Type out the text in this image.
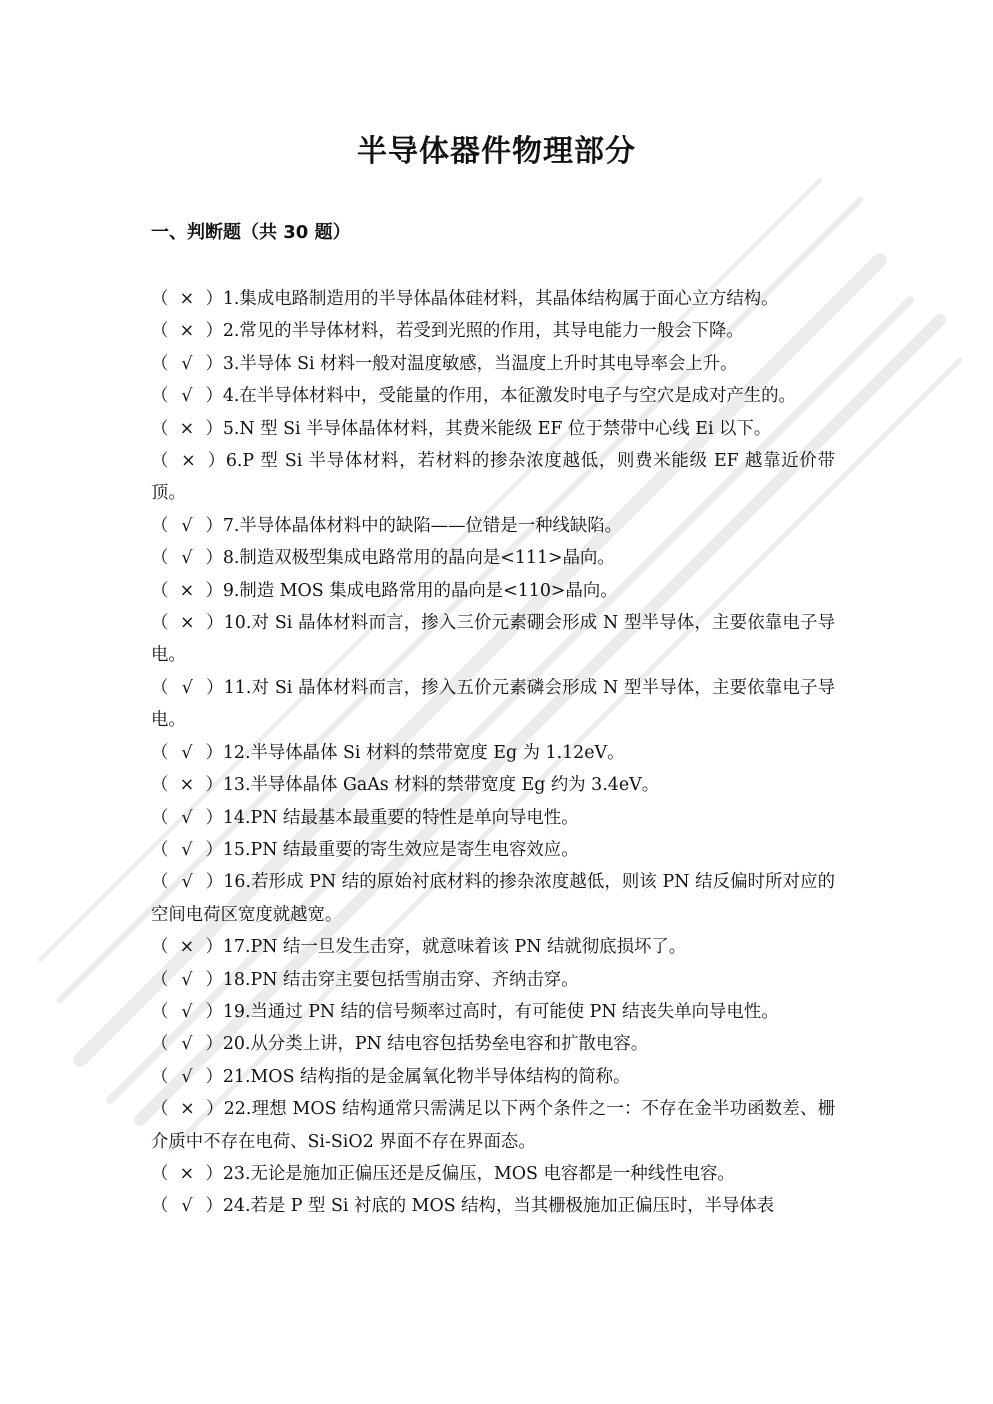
半导体器件物理部分
一、判断题（共 30 题）
（ × ）1.集成电路制造用的半导体晶体硅材料，其晶体结构属于面心立方结构。
（ × ）2.常见的半导体材料，若受到光照的作用，其导电能力一般会下降。
（ √ ）3.半导体 Si 材料一般对温度敏感，当温度上升时其电导率会上升。
（ √ ）4.在半导体材料中，受能量的作用，本征激发时电子与空穴是成对产生的。
（ × ）5.N 型 Si 半导体晶体材料，其费米能级 EF 位于禁带中心线 Ei 以下。
（ × ）6.P 型 Si 半导体材料，若材料的掺杂浓度越低，则费米能级 EF 越靠近价带顶。
（ √ ）7.半导体晶体材料中的缺陷——位错是一种线缺陷。
（ √ ）8.制造双极型集成电路常用的晶向是<111>晶向。
（ × ）9.制造 MOS 集成电路常用的晶向是<110>晶向。
（ × ）10.对 Si 晶体材料而言，掺入三价元素硼会形成 N 型半导体，主要依靠电子导电。
（ √ ）11.对 Si 晶体材料而言，掺入五价元素磷会形成 N 型半导体，主要依靠电子导电。
（ √ ）12.半导体晶体 Si 材料的禁带宽度 Eg 为 1.12eV。
（ × ）13.半导体晶体 GaAs 材料的禁带宽度 Eg 约为 3.4eV。
（ √ ）14.PN 结最基本最重要的特性是单向导电性。
（ √ ）15.PN 结最重要的寄生效应是寄生电容效应。
（ √ ）16.若形成 PN 结的原始衬底材料的掺杂浓度越低，则该 PN 结反偏时所对应的空间电荷区宽度就越宽。
（ × ）17.PN 结一旦发生击穿，就意味着该 PN 结就彻底损坏了。
（ √ ）18.PN 结击穿主要包括雪崩击穿、齐纳击穿。
（ √ ）19.当通过 PN 结的信号频率过高时，有可能使 PN 结丧失单向导电性。
（ √ ）20.从分类上讲，PN 结电容包括势垒电容和扩散电容。
（ √ ）21.MOS 结构指的是金属氧化物半导体结构的简称。
（ × ）22.理想 MOS 结构通常只需满足以下两个条件之一：不存在金半功函数差、栅介质中不存在电荷、Si-SiO2 界面不存在界面态。
（ × ）23.无论是施加正偏压还是反偏压，MOS 电容都是一种线性电容。
（ √ ）24.若是 P 型 Si 衬底的 MOS 结构，当其栅极施加正偏压时，半导体表
